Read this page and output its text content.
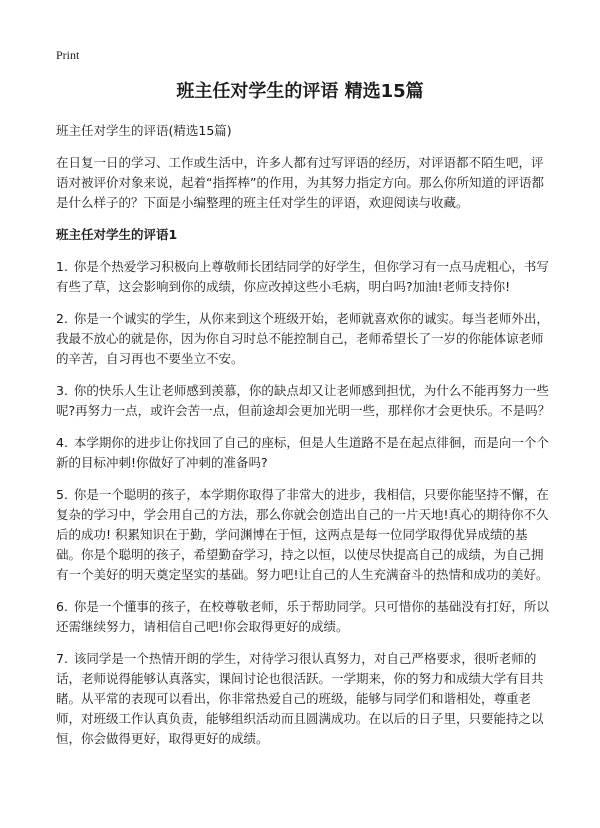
Print
班主任对学生的评语 精选15篇

班主任对学生的评语(精选15篇)

在日复一日的学习、工作或生活中，许多人都有过写评语的经历，对评语都不陌生吧，评语对被评价对象来说，起着“指挥棒”的作用，为其努力指定方向。那么你所知道的评语都是什么样子的？下面是小编整理的班主任对学生的评语，欢迎阅读与收藏。

班主任对学生的评语1

1. 你是个热爱学习积极向上尊敬师长团结同学的好学生，但你学习有一点马虎粗心，书写有些了草，这会影响到你的成绩，你应改掉这些小毛病，明白吗?加油!老师支持你!
2. 你是一个诚实的学生，从你来到这个班级开始，老师就喜欢你的诚实。每当老师外出，我最不放心的就是你，因为你自习时总不能控制自己，老师希望长了一岁的你能体谅老师的辛苦，自习再也不要坐立不安。
3. 你的快乐人生让老师感到羡慕，你的缺点却又让老师感到担忧，为什么不能再努力一些呢?再努力一点，或许会苦一点，但前途却会更加光明一些，那样你才会更快乐。不是吗？
4. 本学期你的进步让你找回了自己的座标，但是人生道路不是在起点徘徊，而是向一个个新的目标冲刺!你做好了冲刺的准备吗?
5. 你是一个聪明的孩子，本学期你取得了非常大的进步，我相信，只要你能坚持不懈，在复杂的学习中，学会用自己的方法，那么你就会创造出自己的一片天地!真心的期待你不久后的成功! 积累知识在于勤，学问渊博在于恒，这两点是每一位同学取得优异成绩的基础。你是个聪明的孩子，希望勤奋学习，持之以恒，以使尽快提高自己的成绩，为自己拥有一个美好的明天奠定坚实的基础。努力吧!让自己的人生充满奋斗的热情和成功的美好。
6. 你是一个懂事的孩子，在校尊敬老师，乐于帮助同学。只可惜你的基础没有打好，所以还需继续努力，请相信自己吧!你会取得更好的成绩。
7. 该同学是一个热情开朗的学生，对待学习很认真努力，对自己严格要求，很听老师的话，老师说得能够认真落实，课间讨论也很活跃。一学期来，你的努力和成绩大学有目共睹。从平常的表现可以看出，你非常热爱自己的班级，能够与同学们和谐相处，尊重老师，对班级工作认真负责，能够组织活动而且圆满成功。在以后的日子里，只要能持之以恒，你会做得更好，取得更好的成绩。
